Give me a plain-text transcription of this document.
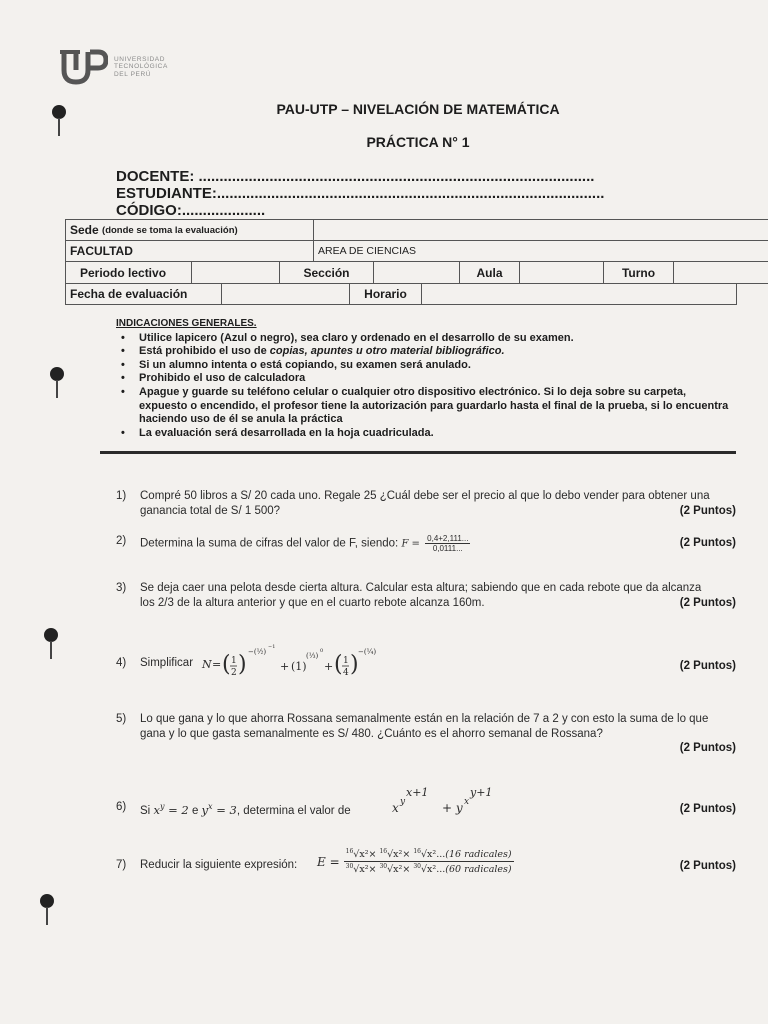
UNIVERSIDAD
TECNOLÓGICA
DEL PERÚ
PAU-UTP – NIVELACIÓN DE MATEMÁTICA
PRÁCTICA N° 1
DOCENTE: ...............................................................................................
ESTUDIANTE:.............................................................................................
CÓDIGO:....................
Sede
(donde se toma la evaluación)
FACULTAD	AREA DE CIENCIAS
Periodo lectivo	Sección	Aula	Turno
Fecha de evaluación	Horario
INDICACIONES GENERALES.
• Utilice lapicero (Azul o negro), sea claro y ordenado en el desarrollo de su examen.
• Está prohibido el uso de copias, apuntes u otro material bibliográfico.
• Si un alumno intenta o está copiando, su examen será anulado.
• Prohibido el uso de calculadora
• Apague y guarde su teléfono celular o cualquier otro dispositivo electrónico. Si lo deja sobre su carpeta, expuesto o encendido, el profesor tiene la autorización para guardarlo hasta el final de la prueba, si lo encuentra haciendo uso de él se anula la práctica
• La evaluación será desarrollada en la hoja cuadriculada.
1) Compré 50 libros a S/ 20 cada uno. Regale 25 ¿Cuál debe ser el precio al que lo debo vender para obtener una ganancia total de S/ 1 500?	(2 Puntos)
2) Determina la suma de cifras del valor de F, siendo: $F = \frac{0,4+2,111...}{0,0111...}$	(2 Puntos)
3) Se deja caer una pelota desde cierta altura. Calcular esta altura; sabiendo que en cada rebote que da alcanza los 2/3 de la altura anterior y que en el cuarto rebote alcanza 160m.	(2 Puntos)
4) Simplificar N = ( 1
2 ) −(½)
−1
+ (1)
(⅓)
0
+ ( 1
4 ) −(¼)
(2 Puntos)
5) Lo que gana y lo que ahorra Rossana semanalmente están en la relación de 7 a 2 y con esto la suma de lo que gana y lo que gasta semanalmente es S/ 480. ¿Cuánto es el ahorro semanal de Rossana?
(2 Puntos)
6) Si $x^y = 2$ e $y^x = 3$, determina el valor de	x y
x+1
+ y x
y+1
(2 Puntos)
7) Reducir la siguiente expresión:	E =
$^{16}$√x²× $^{16}$√x²× $^{16}$√x²...(16 radicales)
$^{30}$√x²× $^{30}$√x²× $^{30}$√x²...(60 radicales)	(2 Puntos)
